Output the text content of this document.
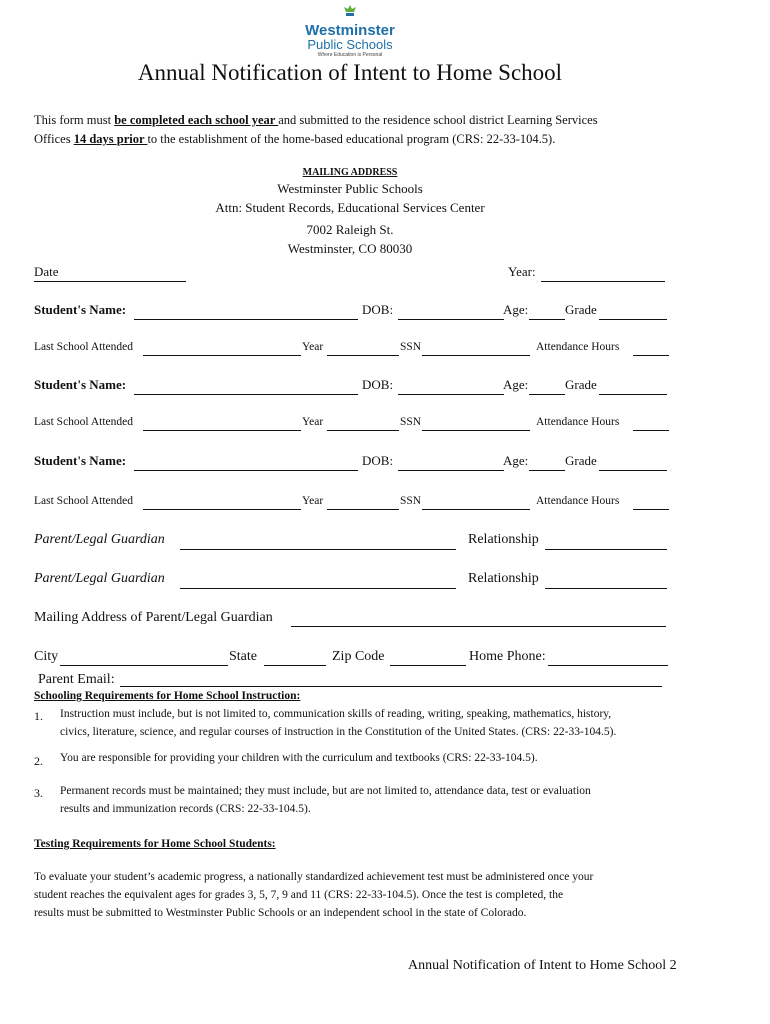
Westminster
Public Schools
Where Education is Personal
Annual Notification of Intent to Home School
This form must be completed each school year and submitted to the residence school district Learning Services
Offices 14 days prior to the establishment of the home-based educational program (CRS: 22-33-104.5).
MAILING ADDRESS
Westminster Public Schools
Attn: Student Records, Educational Services Center
7002 Raleigh St.
Westminster, CO 80030
Date	Year:
Student's Name:	DOB:	Age:	Grade
Last School Attended	Year	SSN	Attendance Hours
Student's Name:	DOB:	Age:	Grade
Last School Attended	Year	SSN	Attendance Hours
Student's Name:	DOB:	Age:	Grade
Last School Attended	Year	SSN	Attendance Hours
Parent/Legal Guardian	Relationship
Parent/Legal Guardian	Relationship
Mailing Address of Parent/Legal Guardian
City	State	Zip Code	Home Phone:
Parent Email:
Schooling Requirements for Home School Instruction:
1. Instruction must include, but is not limited to, communication skills of reading, writing, speaking, mathematics, history,
civics, literature, science, and regular courses of instruction in the Constitution of the United States. (CRS: 22-33-104.5).
2. You are responsible for providing your children with the curriculum and textbooks (CRS: 22-33-104.5).
3. Permanent records must be maintained; they must include, but are not limited to, attendance data, test or evaluation
results and immunization records (CRS: 22-33-104.5).
Testing Requirements for Home School Students:
To evaluate your student’s academic progress, a nationally standardized achievement test must be administered once your
student reaches the equivalent ages for grades 3, 5, 7, 9 and 11 (CRS: 22-33-104.5). Once the test is completed, the
results must be submitted to Westminster Public Schools or an independent school in the state of Colorado.
Annual Notification of Intent to Home School 2
